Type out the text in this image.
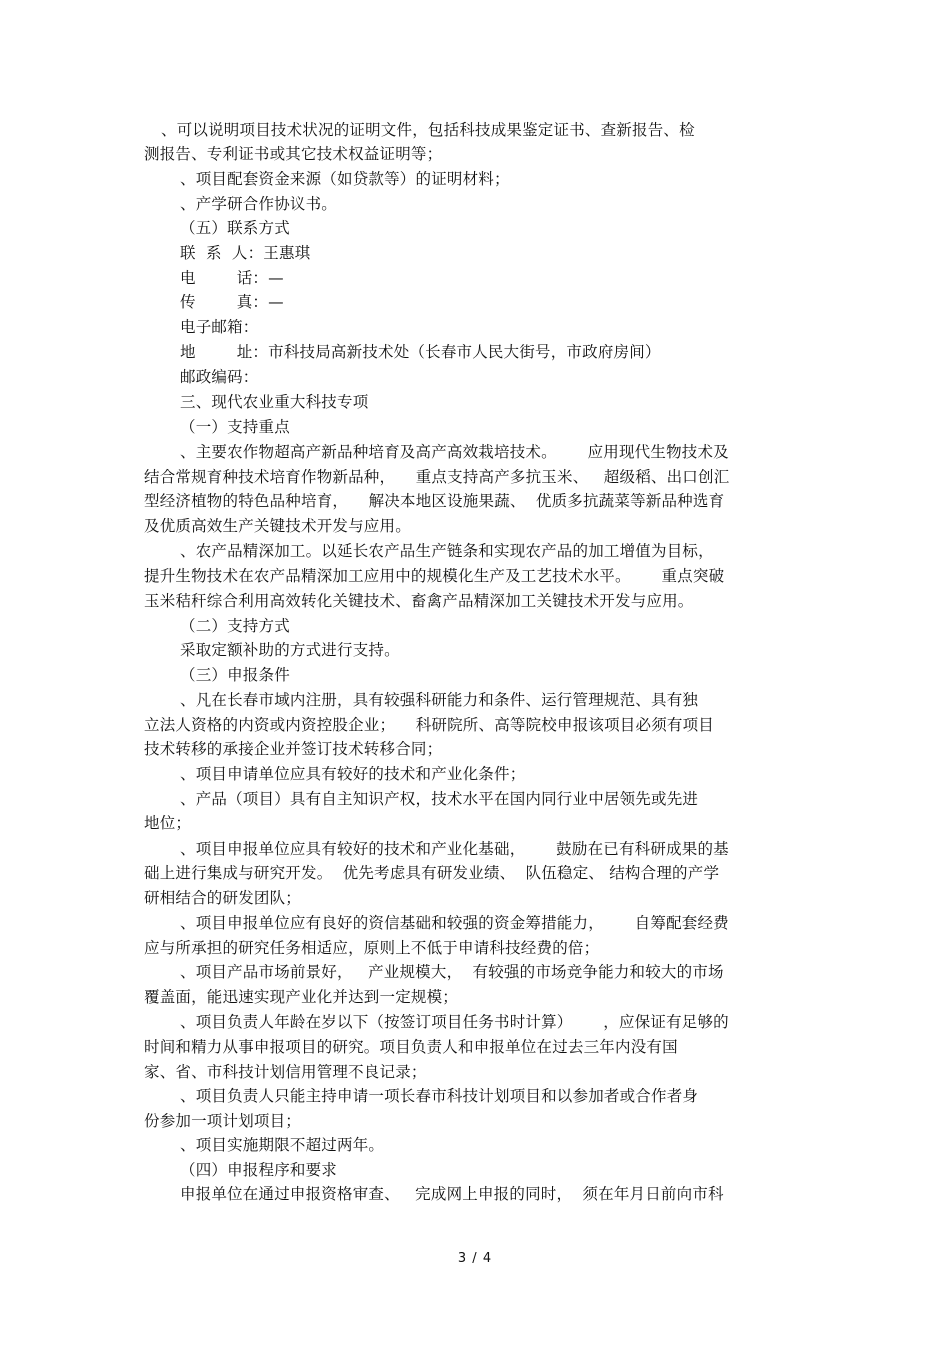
、可以说明项目技术状况的证明文件，包括科技成果鉴定证书、查新报告、检
测报告、专利证书或其它技术权益证明等；
、项目配套资金来源（如贷款等）的证明材料；
、产学研合作协议书。
（五）联系方式
联  系  人：王惠琪
电        话：—
传        真：—
电子邮箱：
地        址：市科技局高新技术处（长春市人民大街号，市政府房间）
邮政编码：
三、现代农业重大科技专项
（一）支持重点
、主要农作物超高产新品种培育及高产高效栽培技术。      应用现代生物技术及
结合常规育种技术培育作物新品种，    重点支持高产多抗玉米、   超级稻、出口创汇
型经济植物的特色品种培育，    解决本地区设施果蔬、  优质多抗蔬菜等新品种选育
及优质高效生产关键技术开发与应用。
、农产品精深加工。以延长农产品生产链条和实现农产品的加工增值为目标，
提升生物技术在农产品精深加工应用中的规模化生产及工艺技术水平。      重点突破
玉米秸秆综合利用高效转化关键技术、畜禽产品精深加工关键技术开发与应用。
（二）支持方式
采取定额补助的方式进行支持。
（三）申报条件
、凡在长春市域内注册，具有较强科研能力和条件、运行管理规范、具有独
立法人资格的内资或内资控股企业；    科研院所、高等院校申报该项目必须有项目
技术转移的承接企业并签订技术转移合同；
、项目申请单位应具有较好的技术和产业化条件；
、产品（项目）具有自主知识产权，技术水平在国内同行业中居领先或先进
地位；
、项目申报单位应具有较好的技术和产业化基础，      鼓励在已有科研成果的基
础上进行集成与研究开发。  优先考虑具有研发业绩、  队伍稳定、 结构合理的产学
研相结合的研发团队；
、项目申报单位应有良好的资信基础和较强的资金筹措能力，      自筹配套经费
应与所承担的研究任务相适应，原则上不低于申请科技经费的倍；
、项目产品市场前景好，   产业规模大，  有较强的市场竞争能力和较大的市场
覆盖面，能迅速实现产业化并达到一定规模；
、项目负责人年龄在岁以下（按签订项目任务书时计算）      ，应保证有足够的
时间和精力从事申报项目的研究。项目负责人和申报单位在过去三年内没有国
家、省、市科技计划信用管理不良记录；
、项目负责人只能主持申请一项长春市科技计划项目和以参加者或合作者身
份参加一项计划项目；
、项目实施期限不超过两年。
（四）申报程序和要求
申报单位在通过申报资格审查、   完成网上申报的同时，  须在年月日前向市科
3 / 4
